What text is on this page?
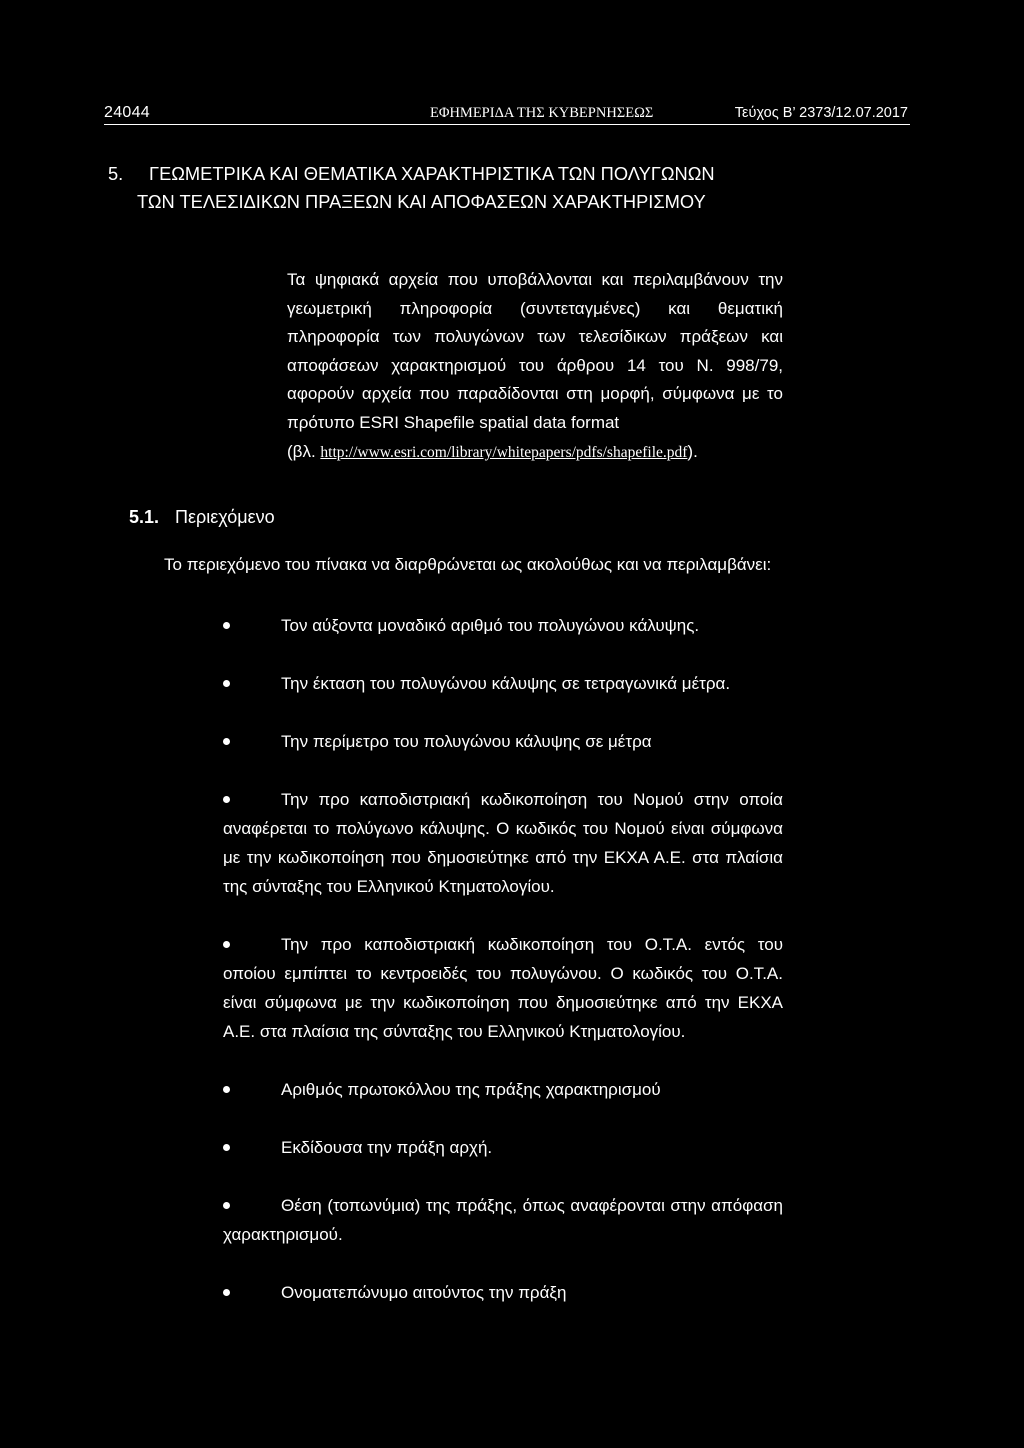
24044	ΕΦΗΜΕΡΙΔΑ ΤΗΣ ΚΥΒΕΡΝΗΣΕΩΣ	Τεύχος Β’ 2373/12.07.2017
5. ΓΕΩΜΕΤΡΙΚΑ ΚΑΙ ΘΕΜΑΤΙΚΑ ΧΑΡΑΚΤΗΡΙΣΤΙΚΑ ΤΩΝ ΠΟΛΥΓΩΝΩΝ
ΤΩΝ ΤΕΛΕΣΙΔΙΚΩΝ ΠΡΑΞΕΩΝ ΚΑΙ ΑΠΟΦΑΣΕΩΝ ΧΑΡΑΚΤΗΡΙΣΜΟΥ

Τα ψηφιακά αρχεία που υποβάλλονται και περιλαμβάνουν την γεωμετρική πληροφορία (συντεταγμένες) και θεματική πληροφορία των πολυγώνων των τελεσίδικων πράξεων και αποφάσεων χαρακτηρισμού του άρθρου 14 του Ν. 998/79, αφορούν αρχεία που παραδίδονται στη μορφή, σύμφωνα με το πρότυπο ESRI Shapefile spatial data format

(βλ. http://www.esri.com/library/whitepapers/pdfs/shapefile.pdf).

5.1. Περιεχόμενο

Το περιεχόμενο του πίνακα να διαρθρώνεται ως ακολούθως και να περιλαμβάνει:

Τον αύξοντα μοναδικό αριθμό του πολυγώνου κάλυψης.
Την έκταση του πολυγώνου κάλυψης σε τετραγωνικά μέτρα.
Την περίμετρο του πολυγώνου κάλυψης σε μέτρα
Την προ καποδιστριακή κωδικοποίηση του Νομού στην οποία αναφέρεται το πολύγωνο κάλυψης. Ο κωδικός του Νομού είναι σύμφωνα με την κωδικοποίηση που δημοσιεύτηκε από την ΕΚΧΑ Α.Ε. στα πλαίσια της σύνταξης του Ελληνικού Κτηματολογίου.
Την προ καποδιστριακή κωδικοποίηση του Ο.Τ.Α. εντός του οποίου εμπίπτει το κεντροειδές του πολυγώνου. Ο κωδικός του Ο.Τ.Α. είναι σύμφωνα με την κωδικοποίηση που δημοσιεύτηκε από την ΕΚΧΑ Α.Ε. στα πλαίσια της σύνταξης του Ελληνικού Κτηματολογίου.
Αριθμός πρωτοκόλλου της πράξης χαρακτηρισμού
Εκδίδουσα την πράξη αρχή.
Θέση (τοπωνύμια) της πράξης, όπως αναφέρονται στην απόφαση χαρακτηρισμού.
Ονοματεπώνυμο αιτούντος την πράξη
